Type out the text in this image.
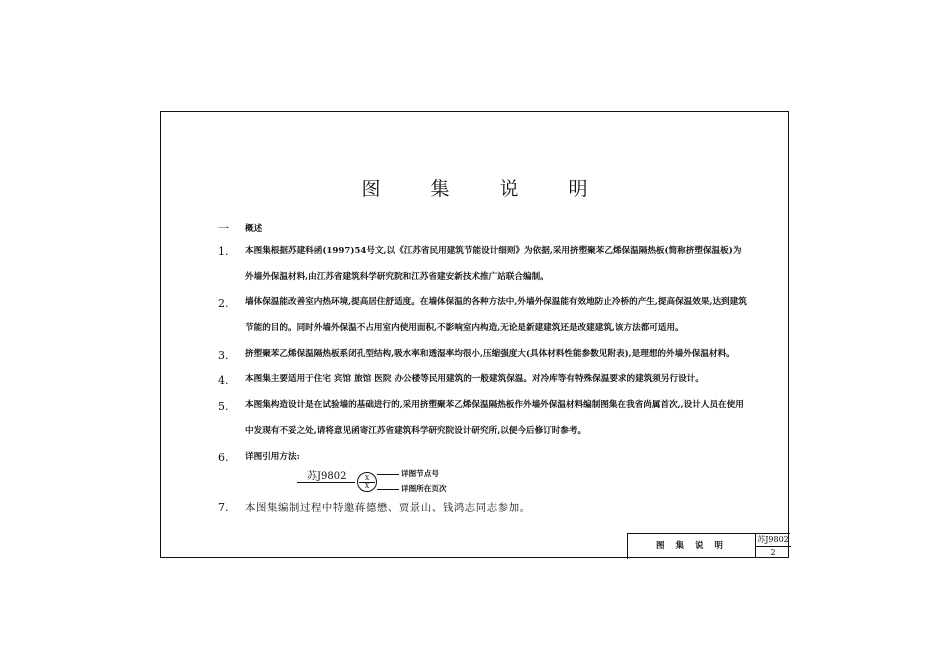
图 集 说 明
一 概述
1. 本图集根据苏建科函(1997)54号文,以《江苏省民用建筑节能设计细则》为依据,采用挤塑聚苯乙烯保温隔热板(简称挤塑保温板)为
外墙外保温材料,由江苏省建筑科学研究院和江苏省建安新技术推广站联合编制。
2. 墙体保温能改善室内热环境,提高居住舒适度。在墙体保温的各种方法中,外墙外保温能有效地防止冷桥的产生,提高保温效果,达到建筑
节能的目的。同时外墙外保温不占用室内使用面积,不影响室内构造,无论是新建建筑还是改建建筑,该方法都可适用。
3. 挤塑聚苯乙烯保温隔热板系闭孔型结构,吸水率和透湿率均很小,压缩强度大(具体材料性能参数见附表),是理想的外墙外保温材料。
4. 本图集主要适用于住宅 宾馆 旅馆 医院 办公楼等民用建筑的一般建筑保温。对冷库等有特殊保温要求的建筑须另行设计。
5. 本图集构造设计是在试验墙的基础进行的,采用挤塑聚苯乙烯保温隔热板作外墙外保温材料编制图集在我省尚属首次,,设计人员在使用
中发现有不妥之处,请将意见函寄江苏省建筑科学研究院设计研究所,以便今后修订时参考。
6. 详图引用方法:
苏J9802	X
X
详图节点号
详图所在页次
7. 本图集编制过程中特邀蒋德懋、贾景山、钱鸿志同志参加。
图 集 说 明
苏J9802
2
